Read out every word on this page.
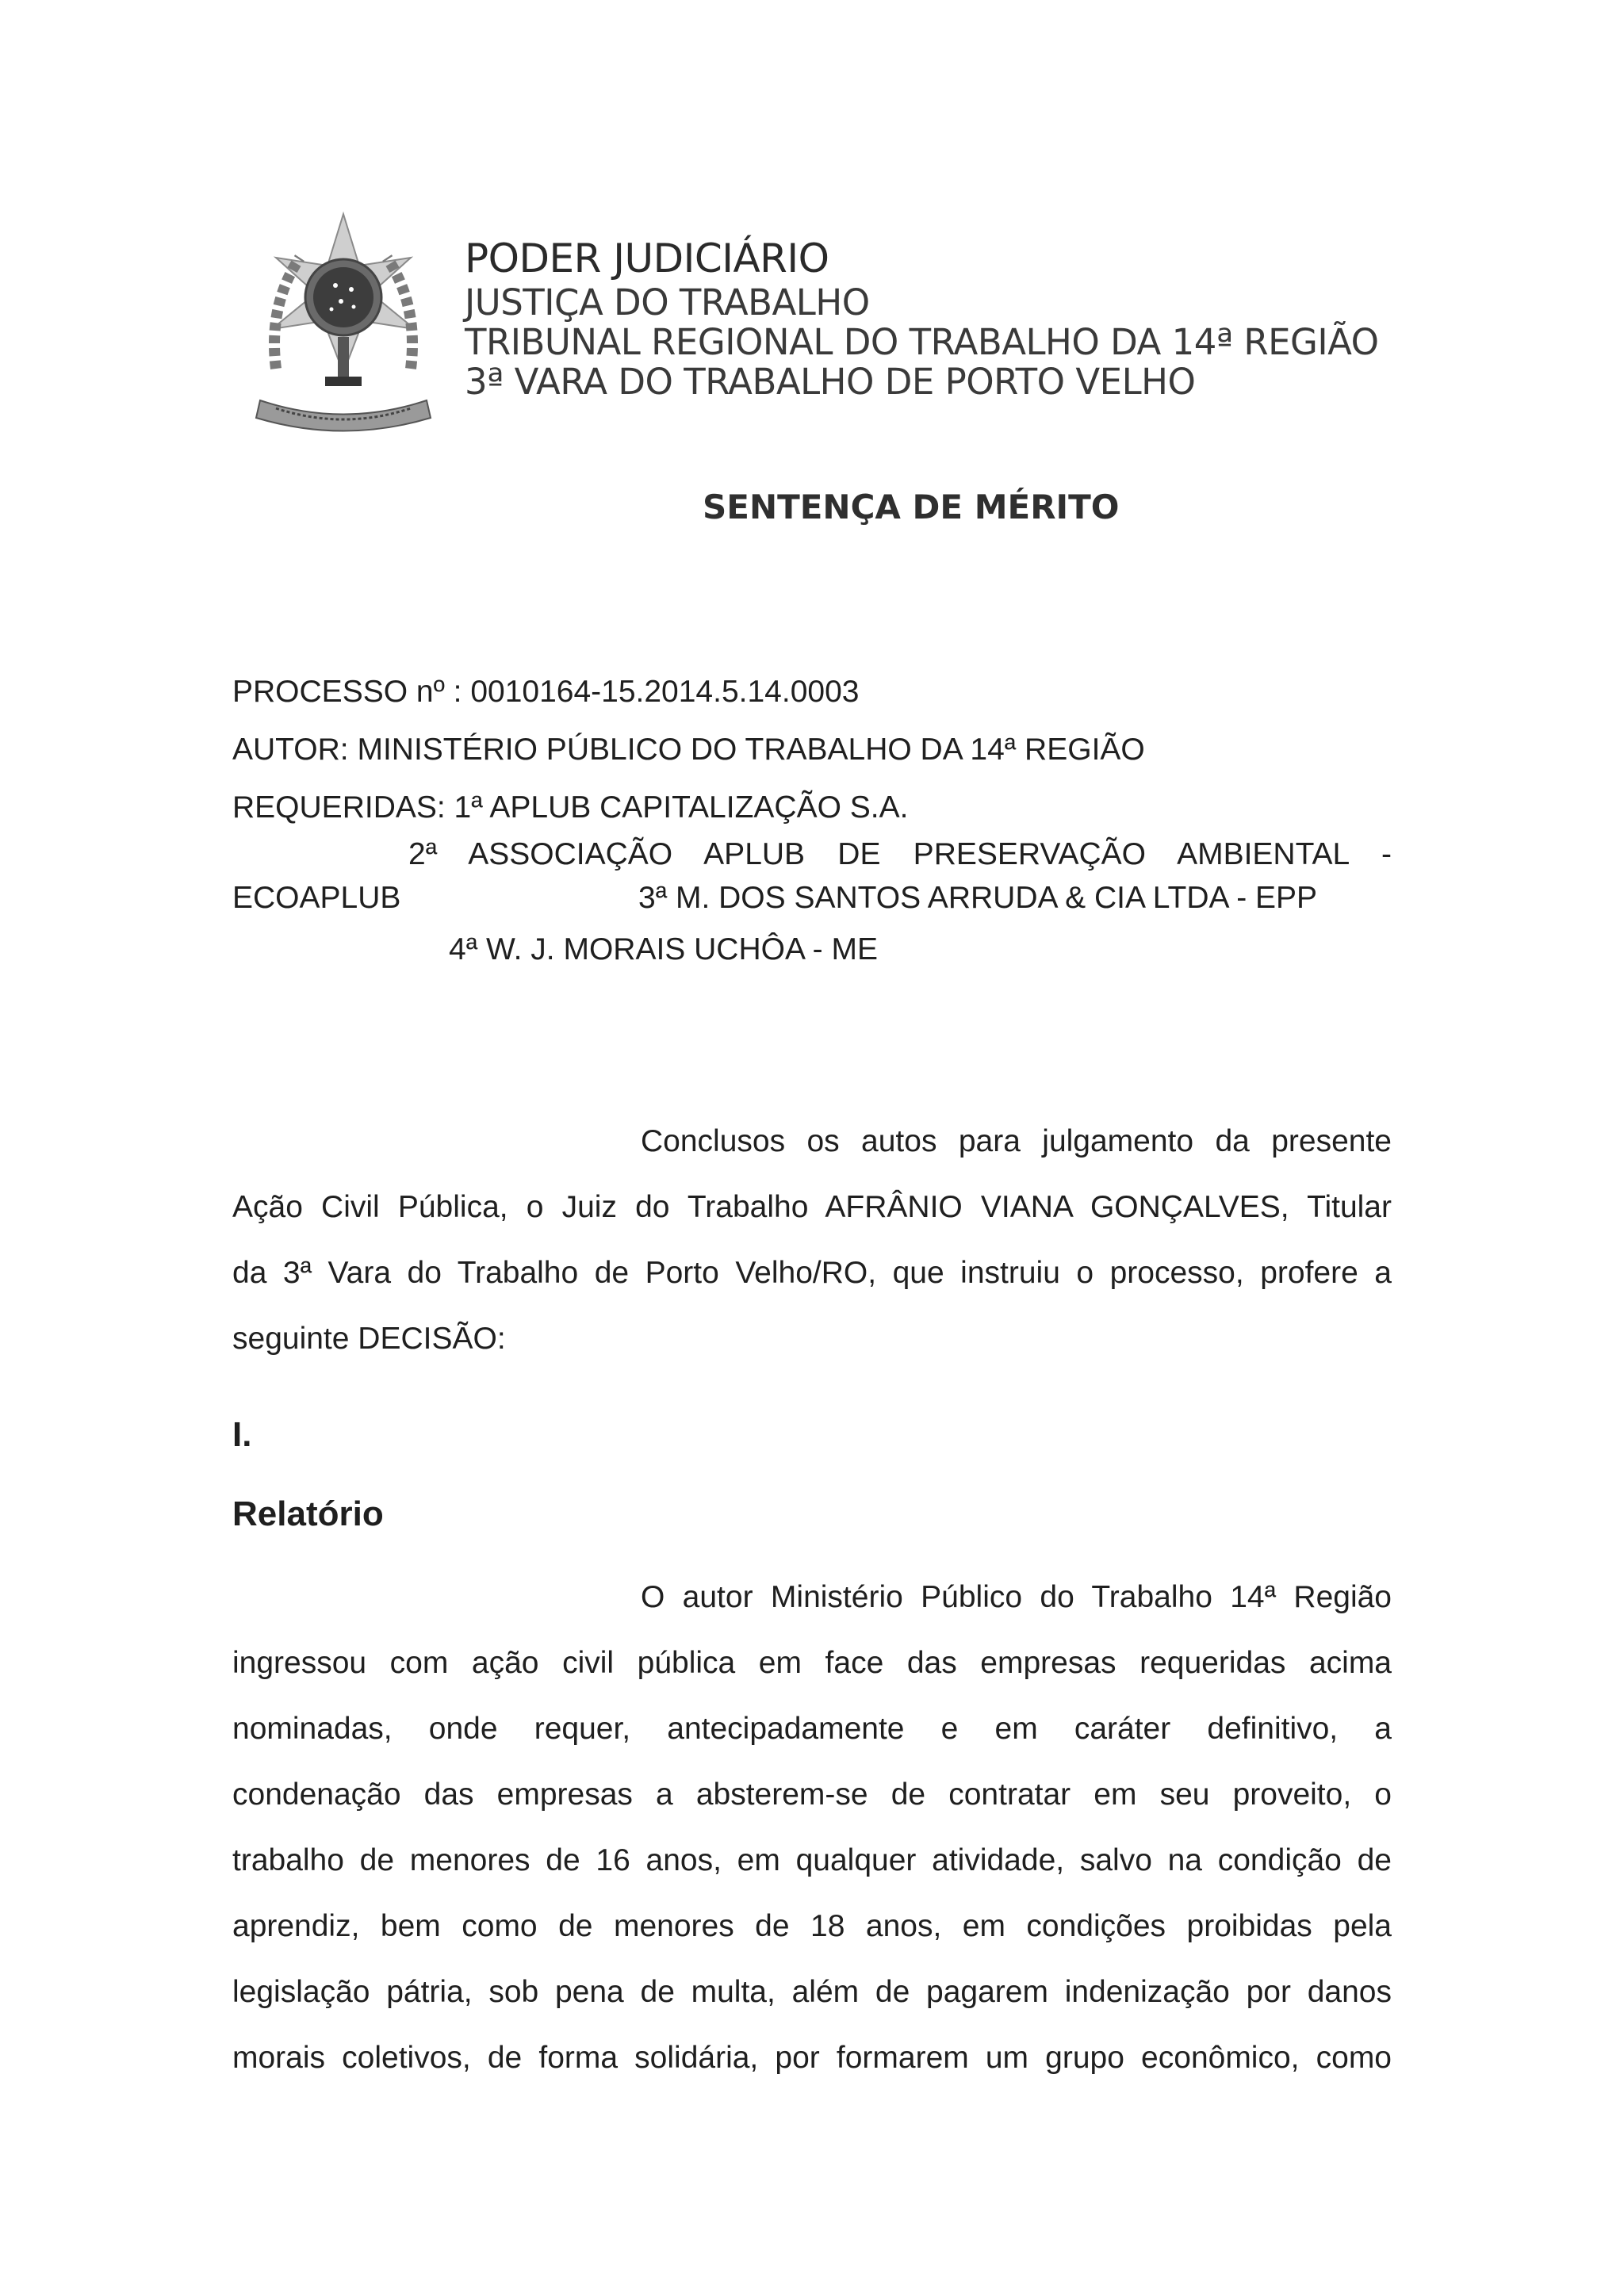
PODER JUDICIÁRIO
JUSTIÇA DO TRABALHO
TRIBUNAL REGIONAL DO TRABALHO DA 14ª REGIÃO
3ª VARA DO TRABALHO DE PORTO VELHO
SENTENÇA DE MÉRITO
PROCESSO nº : 0010164-15.2014.5.14.0003
AUTOR: MINISTÉRIO PÚBLICO DO TRABALHO DA 14ª REGIÃO
REQUERIDAS: 1ª APLUB CAPITALIZAÇÃO S.A.
2ª ASSOCIAÇÃO APLUB DE PRESERVAÇÃO AMBIENTAL -
ECOAPLUB	3ª M. DOS SANTOS ARRUDA & CIA LTDA - EPP
4ª W. J. MORAIS UCHÔA - ME
Conclusos os autos para julgamento da presente
Ação Civil Pública, o Juiz do Trabalho AFRÂNIO VIANA GONÇALVES, Titular
da 3ª Vara do Trabalho de Porto Velho/RO, que instruiu o processo, profere a
seguinte DECISÃO:
I.
Relatório
O autor Ministério Público do Trabalho 14ª Região
ingressou com ação civil pública em face das empresas requeridas acima
nominadas, onde requer, antecipadamente e em caráter definitivo, a
condenação das empresas a absterem-se de contratar em seu proveito, o
trabalho de menores de 16 anos, em qualquer atividade, salvo na condição de
aprendiz, bem como de menores de 18 anos, em condições proibidas pela
legislação pátria, sob pena de multa, além de pagarem indenização por danos
morais coletivos, de forma solidária, por formarem um grupo econômico, como
